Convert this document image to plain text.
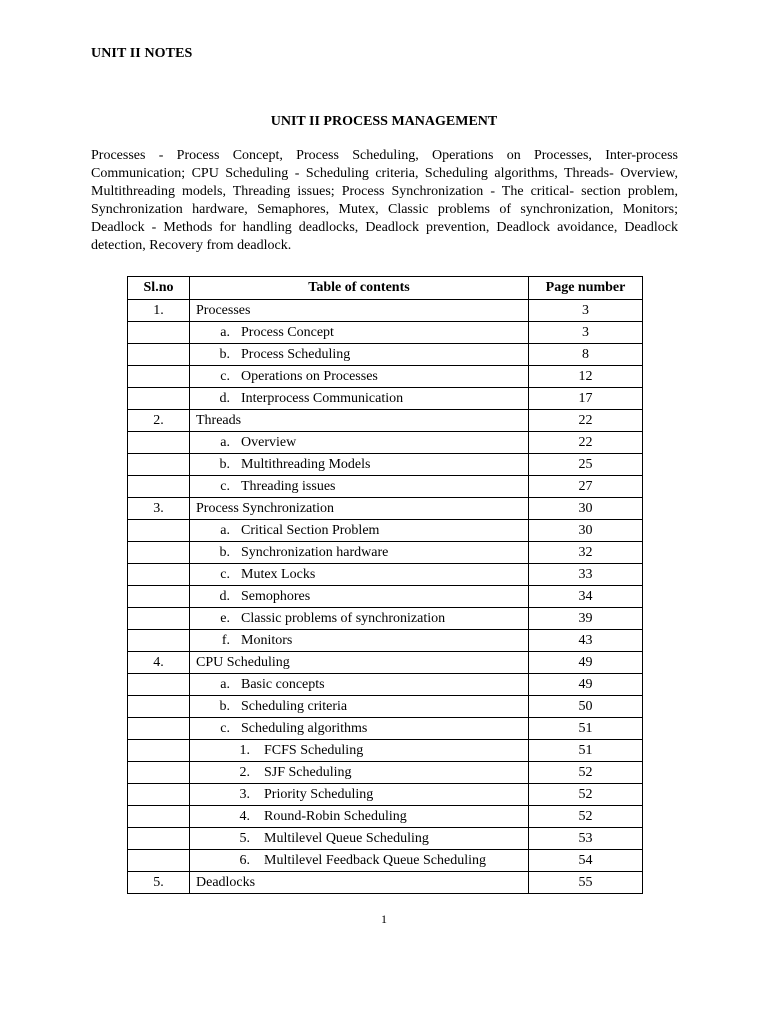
UNIT II NOTES
UNIT II PROCESS MANAGEMENT

Processes - Process Concept, Process Scheduling, Operations on Processes, Inter-process Communication; CPU Scheduling - Scheduling criteria, Scheduling algorithms, Threads- Overview, Multithreading models, Threading issues; Process Synchronization - The critical- section problem, Synchronization hardware, Semaphores, Mutex, Classic problems of synchronization, Monitors; Deadlock - Methods for handling deadlocks, Deadlock prevention, Deadlock avoidance, Deadlock detection, Recovery from deadlock.

Sl.no	Table of contents	Page number
1.	Processes	3
	a. Process Concept	3
	b. Process Scheduling	8
	c. Operations on Processes	12
	d. Interprocess Communication	17
2.	Threads	22
	a. Overview	22
	b. Multithreading Models	25
	c. Threading issues	27
3.	Process Synchronization	30
	a. Critical Section Problem	30
	b. Synchronization hardware	32
	c. Mutex Locks	33
	d. Semophores	34
	e. Classic problems of synchronization	39
	f. Monitors	43
4.	CPU Scheduling	49
	a. Basic concepts	49
	b. Scheduling criteria	50
	c. Scheduling algorithms	51
	1. FCFS Scheduling	51
	2. SJF Scheduling	52
	3. Priority Scheduling	52
	4. Round-Robin Scheduling	52
	5. Multilevel Queue Scheduling	53
	6. Multilevel Feedback Queue Scheduling	54
5.	Deadlocks	55
1
